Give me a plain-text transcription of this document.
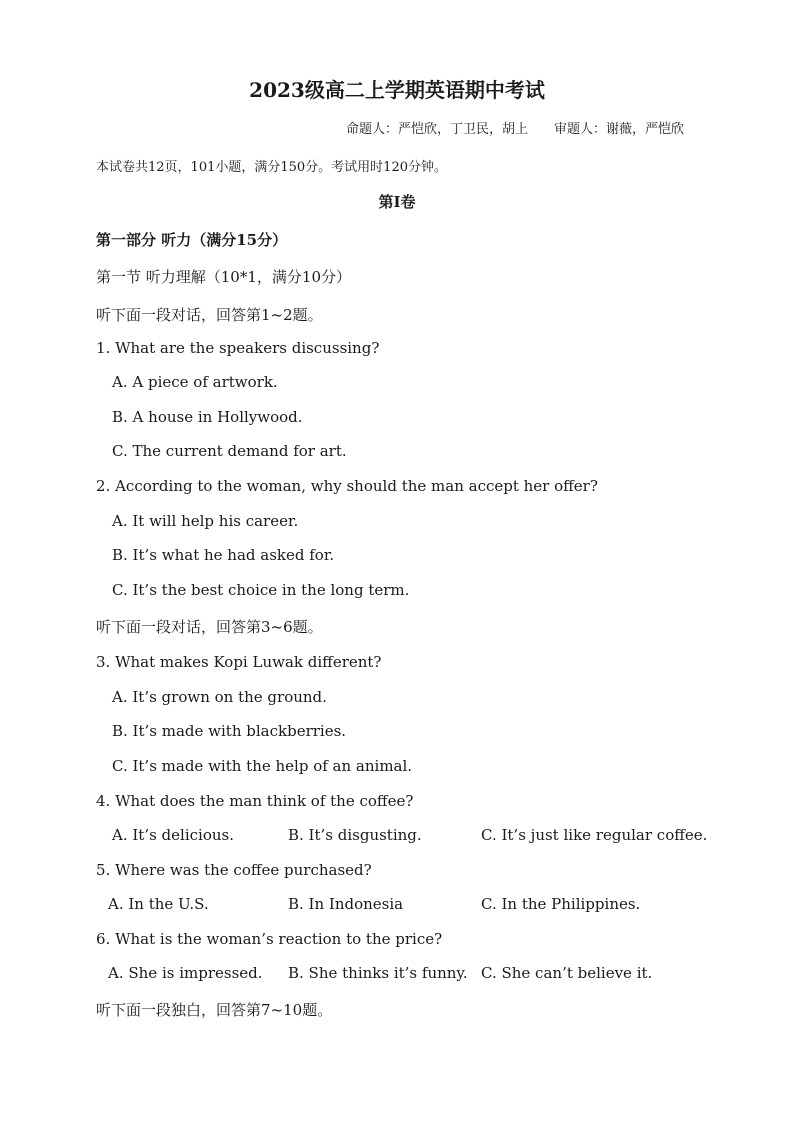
2023级高二上学期英语期中考试
命题人：严恺欣，丁卫民，胡上 审题人：谢薇，严恺欣
本试卷共12页，101小题，满分150分。考试用时120分钟。
第I卷
第一部分 听力（满分15分）
第一节 听力理解（10*1，满分10分）
听下面一段对话，回答第1~2题。
1. What are the speakers discussing?
A. A piece of artwork.
B. A house in Hollywood.
C. The current demand for art.
2. According to the woman, why should the man accept her offer?
A. It will help his career.
B. It’s what he had asked for.
C. It’s the best choice in the long term.
听下面一段对话，回答第3~6题。
3. What makes Kopi Luwak different?
A. It’s grown on the ground.
B. It’s made with blackberries.
C. It’s made with the help of an animal.
4. What does the man think of the coffee?
A. It’s delicious.	B. It’s disgusting.	C. It’s just like regular coffee.
5. Where was the coffee purchased?
A. In the U.S.	B. In Indonesia	C. In the Philippines.
6. What is the woman’s reaction to the price?
A. She is impressed. B. She thinks it’s funny. C. She can’t believe it.
听下面一段独白，回答第7~10题。
